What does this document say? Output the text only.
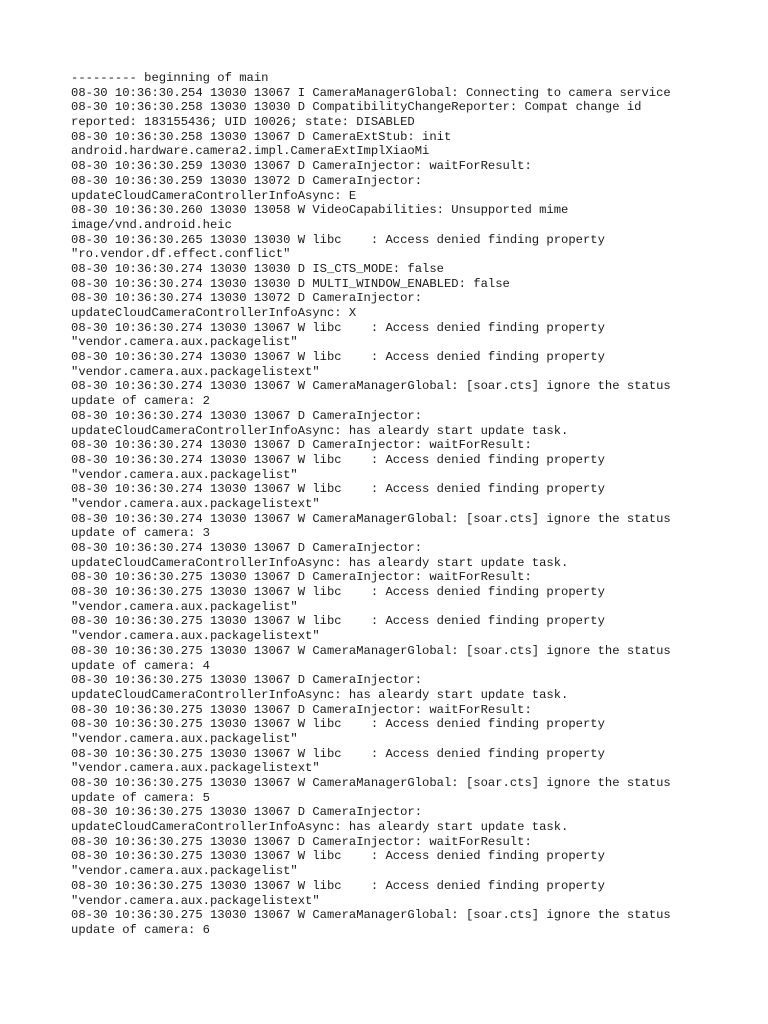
--------- beginning of main
08-30 10:36:30.254 13030 13067 I CameraManagerGlobal: Connecting to camera service
08-30 10:36:30.258 13030 13030 D CompatibilityChangeReporter: Compat change id
reported: 183155436; UID 10026; state: DISABLED
08-30 10:36:30.258 13030 13067 D CameraExtStub: init
android.hardware.camera2.impl.CameraExtImplXiaoMi
08-30 10:36:30.259 13030 13067 D CameraInjector: waitForResult:
08-30 10:36:30.259 13030 13072 D CameraInjector:
updateCloudCameraControllerInfoAsync: E
08-30 10:36:30.260 13030 13058 W VideoCapabilities: Unsupported mime
image/vnd.android.heic
08-30 10:36:30.265 13030 13030 W libc    : Access denied finding property
"ro.vendor.df.effect.conflict"
08-30 10:36:30.274 13030 13030 D IS_CTS_MODE: false
08-30 10:36:30.274 13030 13030 D MULTI_WINDOW_ENABLED: false
08-30 10:36:30.274 13030 13072 D CameraInjector:
updateCloudCameraControllerInfoAsync: X
08-30 10:36:30.274 13030 13067 W libc    : Access denied finding property
"vendor.camera.aux.packagelist"
08-30 10:36:30.274 13030 13067 W libc    : Access denied finding property
"vendor.camera.aux.packagelistext"
08-30 10:36:30.274 13030 13067 W CameraManagerGlobal: [soar.cts] ignore the status
update of camera: 2
08-30 10:36:30.274 13030 13067 D CameraInjector:
updateCloudCameraControllerInfoAsync: has aleardy start update task.
08-30 10:36:30.274 13030 13067 D CameraInjector: waitForResult:
08-30 10:36:30.274 13030 13067 W libc    : Access denied finding property
"vendor.camera.aux.packagelist"
08-30 10:36:30.274 13030 13067 W libc    : Access denied finding property
"vendor.camera.aux.packagelistext"
08-30 10:36:30.274 13030 13067 W CameraManagerGlobal: [soar.cts] ignore the status
update of camera: 3
08-30 10:36:30.274 13030 13067 D CameraInjector:
updateCloudCameraControllerInfoAsync: has aleardy start update task.
08-30 10:36:30.275 13030 13067 D CameraInjector: waitForResult:
08-30 10:36:30.275 13030 13067 W libc    : Access denied finding property
"vendor.camera.aux.packagelist"
08-30 10:36:30.275 13030 13067 W libc    : Access denied finding property
"vendor.camera.aux.packagelistext"
08-30 10:36:30.275 13030 13067 W CameraManagerGlobal: [soar.cts] ignore the status
update of camera: 4
08-30 10:36:30.275 13030 13067 D CameraInjector:
updateCloudCameraControllerInfoAsync: has aleardy start update task.
08-30 10:36:30.275 13030 13067 D CameraInjector: waitForResult:
08-30 10:36:30.275 13030 13067 W libc    : Access denied finding property
"vendor.camera.aux.packagelist"
08-30 10:36:30.275 13030 13067 W libc    : Access denied finding property
"vendor.camera.aux.packagelistext"
08-30 10:36:30.275 13030 13067 W CameraManagerGlobal: [soar.cts] ignore the status
update of camera: 5
08-30 10:36:30.275 13030 13067 D CameraInjector:
updateCloudCameraControllerInfoAsync: has aleardy start update task.
08-30 10:36:30.275 13030 13067 D CameraInjector: waitForResult:
08-30 10:36:30.275 13030 13067 W libc    : Access denied finding property
"vendor.camera.aux.packagelist"
08-30 10:36:30.275 13030 13067 W libc    : Access denied finding property
"vendor.camera.aux.packagelistext"
08-30 10:36:30.275 13030 13067 W CameraManagerGlobal: [soar.cts] ignore the status
update of camera: 6
